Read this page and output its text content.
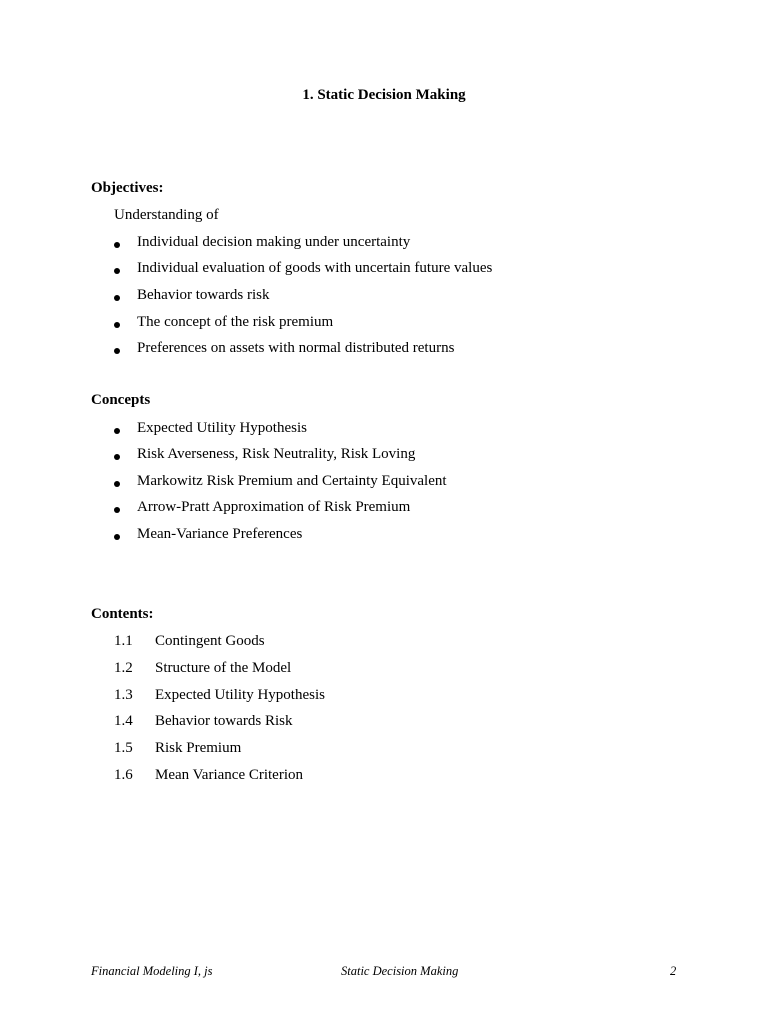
1. Static Decision Making
Objectives:
Understanding of
Individual decision making under uncertainty
Individual evaluation of goods with uncertain future values
Behavior towards risk
The concept of the risk premium
Preferences on assets with normal distributed returns
Concepts
Expected Utility Hypothesis
Risk Averseness, Risk Neutrality, Risk Loving
Markowitz Risk Premium and Certainty Equivalent
Arrow-Pratt Approximation of Risk Premium
Mean-Variance Preferences
Contents:
1.1 Contingent Goods
1.2 Structure of the Model
1.3 Expected Utility Hypothesis
1.4 Behavior towards Risk
1.5 Risk Premium
1.6 Mean Variance Criterion
Financial Modeling I, js	Static Decision Making	2
